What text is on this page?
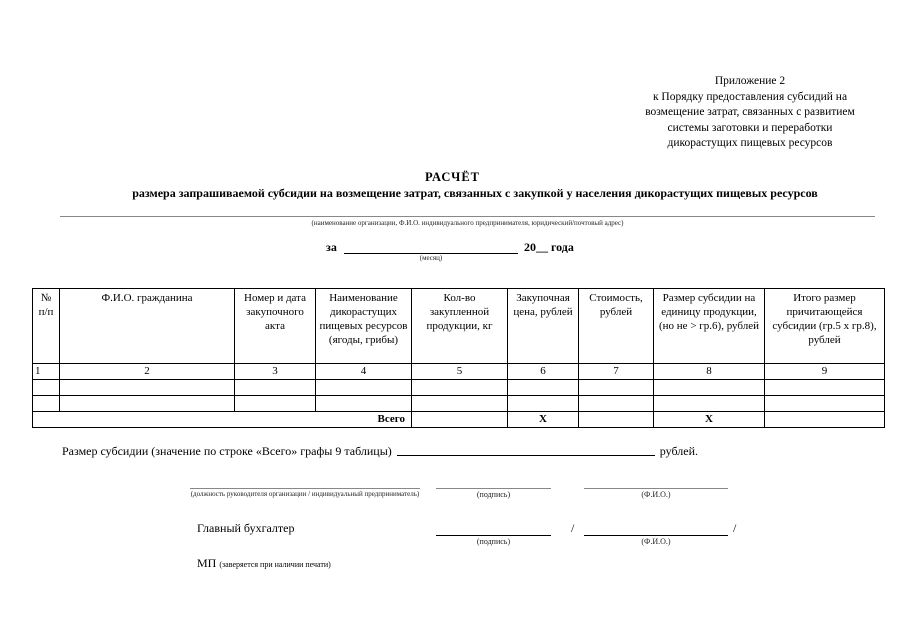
Приложение 2
к Порядку предоставления субсидий на
возмещение затрат, связанных с развитием
системы заготовки и переработки
дикорастущих пищевых ресурсов
РАСЧЁТ
размера запрашиваемой субсидии на возмещение затрат, связанных с закупкой у населения дикорастущих пищевых ресурсов
(наименование организации, Ф.И.О. индивидуального предпринимателя, юридический/почтовый адрес)
за	20__ года
(месяц)
№ п/п	Ф.И.О. гражданина	Номер и дата закупочного акта	Наименование дикорастущих пищевых ресурсов (ягоды, грибы)	Кол-во закупленной продукции, кг	Закупочная цена, рублей	Стоимость, рублей	Размер субсидии на единицу продукции, (но не > гр.6), рублей	Итого размер причитающейся субсидии (гр.5 x гр.8), рублей
1	2	3	4	5	6	7	8	9

Всего					X		X	
Размер субсидии (значение по строке «Всего» графы 9 таблицы)	рублей.
(должность руководителя организации / индивидуальный предприниматель)	(подпись)	(Ф.И.О.)
Главный бухгалтер
(подпись)
/
(Ф.И.О.)
/
МП (заверяется при наличии печати)
